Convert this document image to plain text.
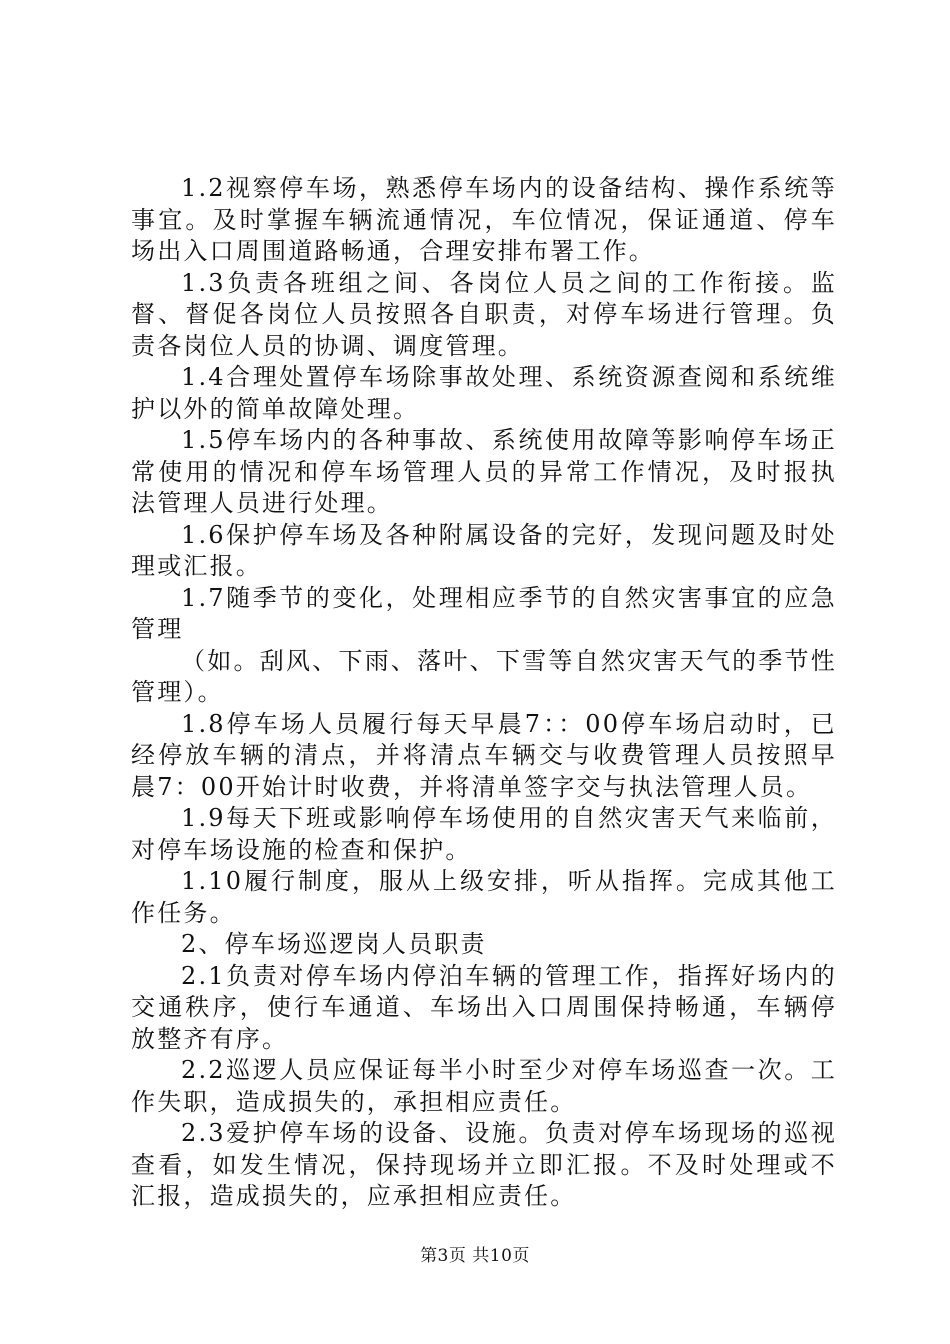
1.2视察停车场，熟悉停车场内的设备结构、操作系统等事宜。及时掌握车辆流通情况，车位情况，保证通道、停车场出入口周围道路畅通，合理安排布署工作。

1.3负责各班组之间、各岗位人员之间的工作衔接。监督、督促各岗位人员按照各自职责，对停车场进行管理。负责各岗位人员的协调、调度管理。

1.4合理处置停车场除事故处理、系统资源查阅和系统维护以外的简单故障处理。

1.5停车场内的各种事故、系统使用故障等影响停车场正常使用的情况和停车场管理人员的异常工作情况，及时报执法管理人员进行处理。

1.6保护停车场及各种附属设备的完好，发现问题及时处理或汇报。

1.7随季节的变化，处理相应季节的自然灾害事宜的应急管理

（如。刮风、下雨、落叶、下雪等自然灾害天气的季节性管理）。

1.8停车场人员履行每天早晨7：：00停车场启动时，已经停放车辆的清点，并将清点车辆交与收费管理人员按照早晨7：00开始计时收费，并将清单签字交与执法管理人员。

1.9每天下班或影响停车场使用的自然灾害天气来临前，对停车场设施的检查和保护。

1.10履行制度，服从上级安排，听从指挥。完成其他工作任务。

2、停车场巡逻岗人员职责

2.1负责对停车场内停泊车辆的管理工作，指挥好场内的交通秩序，使行车通道、车场出入口周围保持畅通，车辆停放整齐有序。

2.2巡逻人员应保证每半小时至少对停车场巡查一次。工作失职，造成损失的，承担相应责任。

2.3爱护停车场的设备、设施。负责对停车场现场的巡视查看，如发生情况，保持现场并立即汇报。不及时处理或不汇报，造成损失的，应承担相应责任。

第3页 共10页
